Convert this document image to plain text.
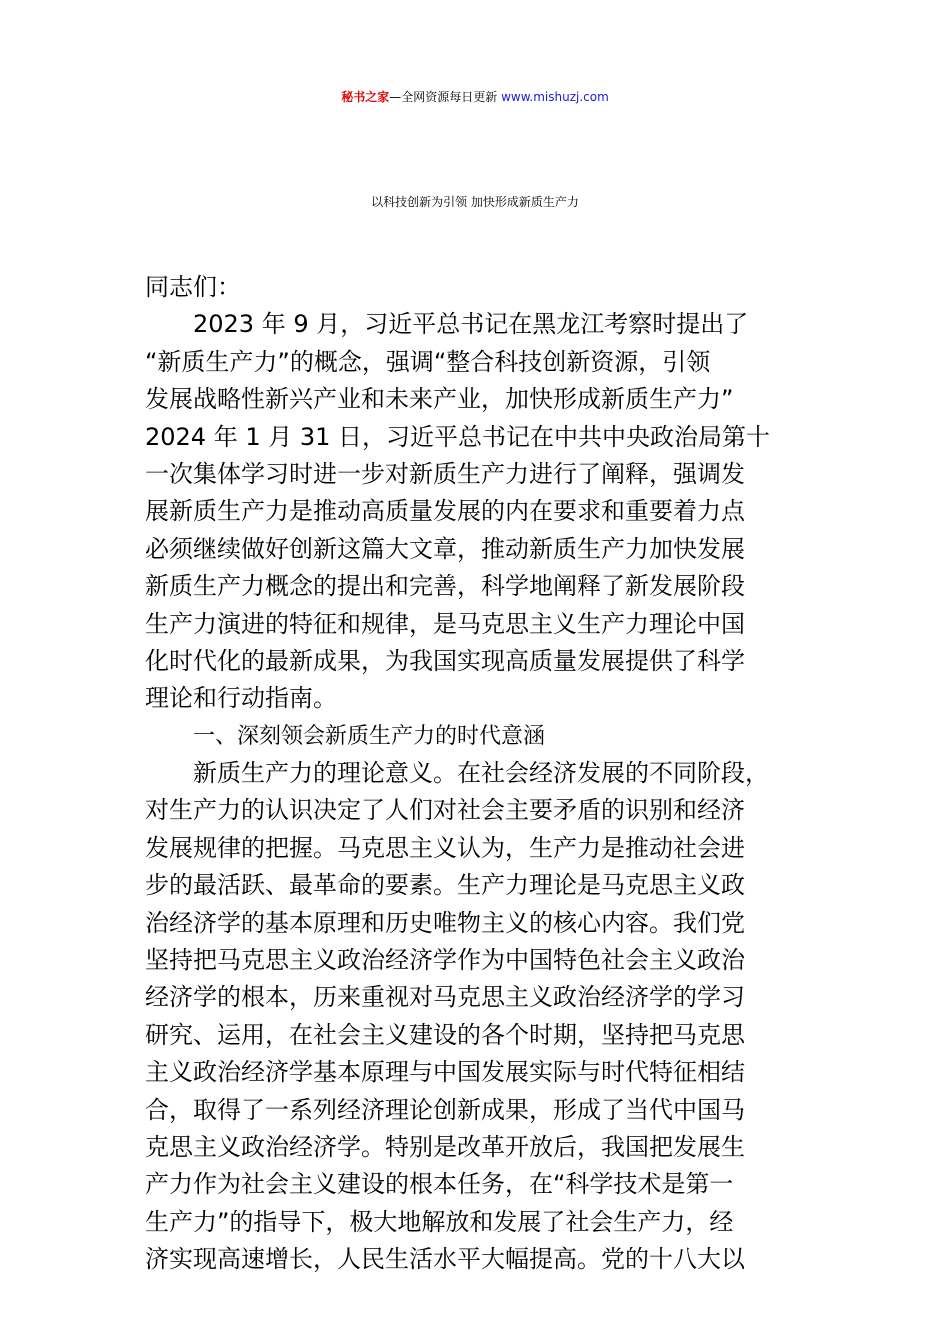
秘书之家—全网资源每日更新 www.mishuzj.com
以科技创新为引领 加快形成新质生产力
同志们：
2023 年 9 月，习近平总书记在黑龙江考察时提出了
“新质生产力”的概念，强调“整合科技创新资源，引领
发展战略性新兴产业和未来产业，加快形成新质生产力”
2024 年 1 月 31 日，习近平总书记在中共中央政治局第十
一次集体学习时进一步对新质生产力进行了阐释，强调发
展新质生产力是推动高质量发展的内在要求和重要着力点
必须继续做好创新这篇大文章，推动新质生产力加快发展
新质生产力概念的提出和完善，科学地阐释了新发展阶段
生产力演进的特征和规律，是马克思主义生产力理论中国
化时代化的最新成果，为我国实现高质量发展提供了科学
理论和行动指南。
一、深刻领会新质生产力的时代意涵
新质生产力的理论意义。在社会经济发展的不同阶段，
对生产力的认识决定了人们对社会主要矛盾的识别和经济
发展规律的把握。马克思主义认为，生产力是推动社会进
步的最活跃、最革命的要素。生产力理论是马克思主义政
治经济学的基本原理和历史唯物主义的核心内容。我们党
坚持把马克思主义政治经济学作为中国特色社会主义政治
经济学的根本，历来重视对马克思主义政治经济学的学习
研究、运用，在社会主义建设的各个时期，坚持把马克思
主义政治经济学基本原理与中国发展实际与时代特征相结
合，取得了一系列经济理论创新成果，形成了当代中国马
克思主义政治经济学。特别是改革开放后，我国把发展生
产力作为社会主义建设的根本任务，在“科学技术是第一
生产力”的指导下，极大地解放和发展了社会生产力，经
济实现高速增长，人民生活水平大幅提高。党的十八大以
